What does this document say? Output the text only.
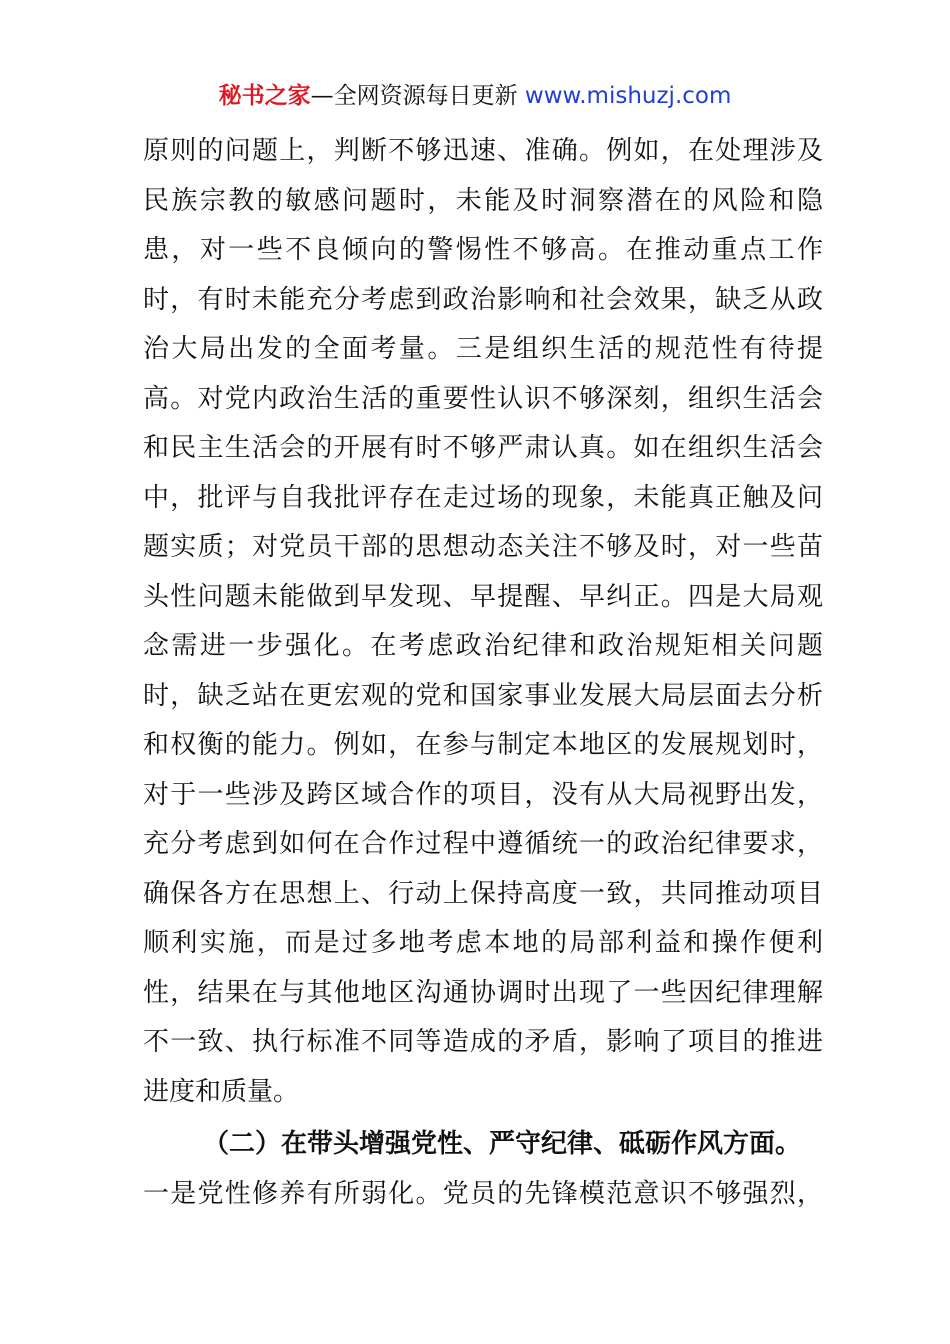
秘书之家—全网资源每日更新 www.mishuzj.com
原则的问题上，判断不够迅速、准确。例如，在处理涉及
民族宗教的敏感问题时，未能及时洞察潜在的风险和隐
患，对一些不良倾向的警惕性不够高。在推动重点工作
时，有时未能充分考虑到政治影响和社会效果，缺乏从政
治大局出发的全面考量。三是组织生活的规范性有待提
高。对党内政治生活的重要性认识不够深刻，组织生活会
和民主生活会的开展有时不够严肃认真。如在组织生活会
中，批评与自我批评存在走过场的现象，未能真正触及问
题实质；对党员干部的思想动态关注不够及时，对一些苗
头性问题未能做到早发现、早提醒、早纠正。四是大局观
念需进一步强化。在考虑政治纪律和政治规矩相关问题
时，缺乏站在更宏观的党和国家事业发展大局层面去分析
和权衡的能力。例如，在参与制定本地区的发展规划时，
对于一些涉及跨区域合作的项目，没有从大局视野出发，
充分考虑到如何在合作过程中遵循统一的政治纪律要求，
确保各方在思想上、行动上保持高度一致，共同推动项目
顺利实施，而是过多地考虑本地的局部利益和操作便利
性，结果在与其他地区沟通协调时出现了一些因纪律理解
不一致、执行标准不同等造成的矛盾，影响了项目的推进
进度和质量。
（二）在带头增强党性、严守纪律、砥砺作风方面。
一是党性修养有所弱化。党员的先锋模范意识不够强烈，
